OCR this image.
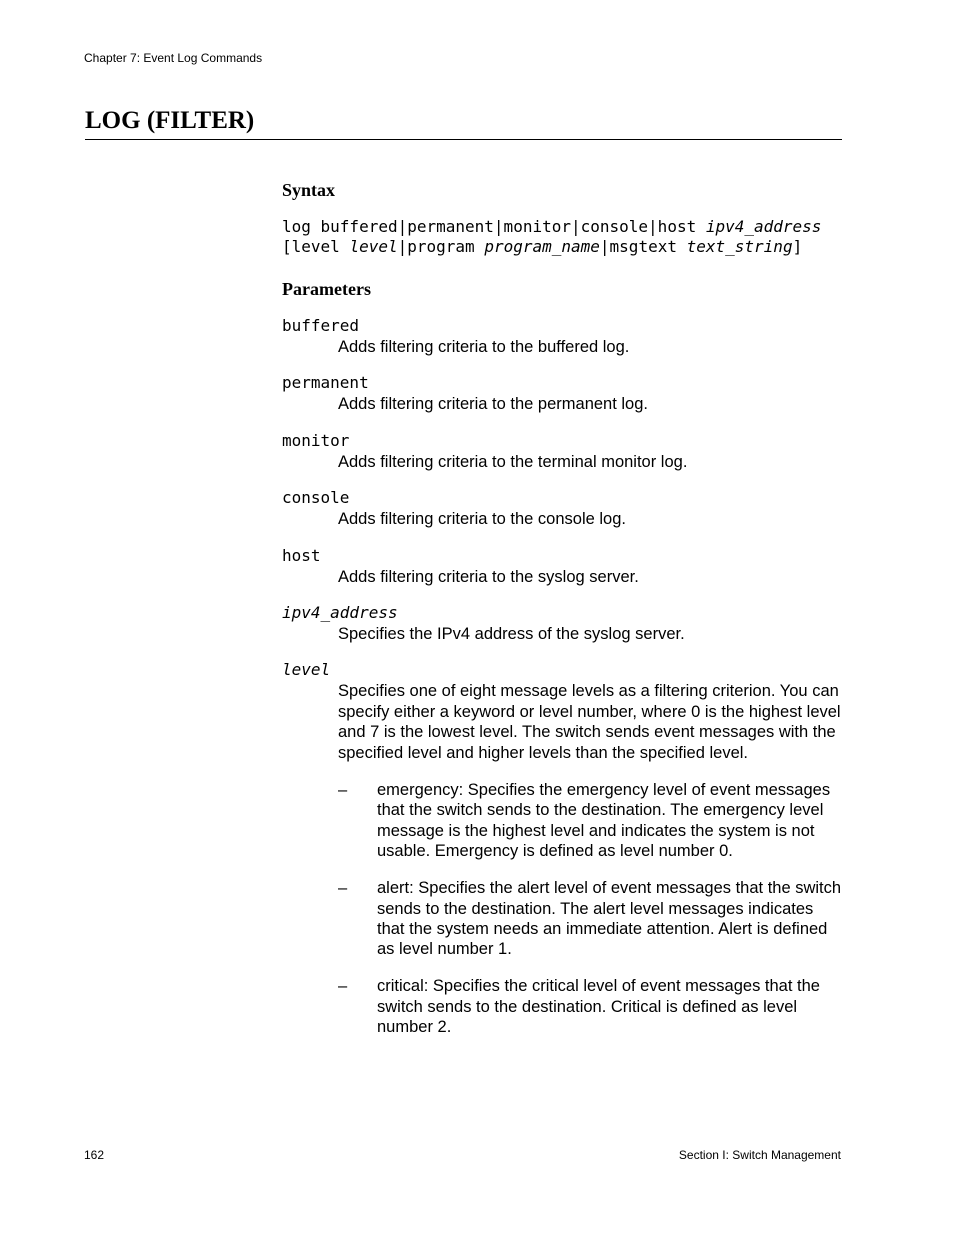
Chapter 7: Event Log Commands
LOG (FILTER)
Syntax
log buffered|permanent|monitor|console|host ipv4_address
[level level|program program_name|msgtext text_string]
Parameters
buffered
Adds filtering criteria to the buffered log.
permanent
Adds filtering criteria to the permanent log.
monitor
Adds filtering criteria to the terminal monitor log.
console
Adds filtering criteria to the console log.
host
Adds filtering criteria to the syslog server.
ipv4_address
Specifies the IPv4 address of the syslog server.
level
Specifies one of eight message levels as a filtering criterion. You can specify either a keyword or level number, where 0 is the highest level and 7 is the lowest level. The switch sends event messages with the specified level and higher levels than the specified level.
– emergency: Specifies the emergency level of event messages that the switch sends to the destination. The emergency level message is the highest level and indicates the system is not usable. Emergency is defined as level number 0.
– alert: Specifies the alert level of event messages that the switch sends to the destination. The alert level messages indicates that the system needs an immediate attention. Alert is defined as level number 1.
– critical: Specifies the critical level of event messages that the switch sends to the destination. Critical is defined as level number 2.
162	Section I: Switch Management
